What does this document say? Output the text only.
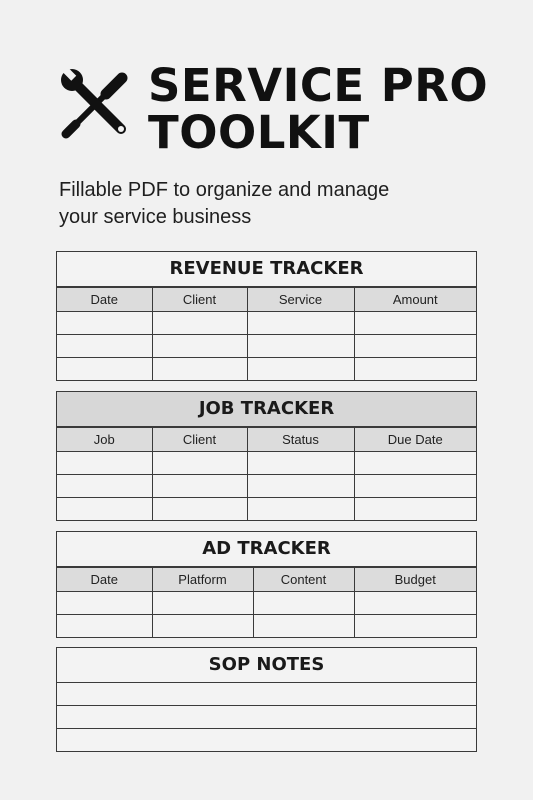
SERVICE PRO
TOOLKIT

Fillable PDF to organize and manage
your service business

REVENUE TRACKER
Date	Client	Service	Amount

JOB TRACKER
Job	Client	Status	Due Date

AD TRACKER
Date	Platform	Content	Budget

SOP NOTES
